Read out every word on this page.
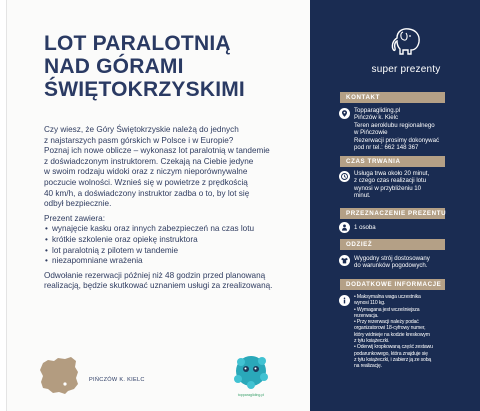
LOT PARALOTNIĄ
NAD GÓRAMI
ŚWIĘTOKRZYSKIMI

Czy wiesz, że Góry Świętokrzyskie należą do jednych
z najstarszych pasm górskich w Polsce i w Europie?
Poznaj ich nowe oblicze – wykonasz lot paralotnią w tandemie
z doświadczonym instruktorem. Czekają na Ciebie jedyne
w swoim rodzaju widoki oraz z niczym nieporównywalne
poczucie wolności. Wznieś się w powietrze z prędkością
40 km/h, a doświadczony instruktor zadba o to, by lot się
odbył bezpiecznie.

Prezent zawiera:

• wynajęcie kasku oraz innych zabezpieczeń na czas lotu
• krótkie szkolenie oraz opiekę instruktora
• lot paralotnią z pilotem w tandemie
• niezapomniane wrażenia

Odwołanie rezerwacji później niż 48 godzin przed planowaną
realizacją, będzie skutkować uznaniem usługi za zrealizowaną.

PIŃCZÓW K. KIELC
topparagliding.pl
super prezenty
KONTAKT
Topparagliding.pl
Pińczów k. Kielc
Teren aeroklubu regionalnego
w Pińczowie
Rezerwacji prosimy dokonywać
pod nr tel.: 662 148 367
CZAS TRWANIA
Usługa trwa około 20 minut,
z czego czas realizacji lotu
wynosi w przybliżeniu 10
minut.
PRZEZNACZENIE PREZENTU
1 osoba
ODZIEŻ
Wygodny strój dostosowany
do warunków pogodowych.
DODATKOWE INFORMACJE
• Maksymalna waga uczestnika
wynosi 110 kg.
• Wymagana jest wcześniejsza
rezerwacja.
• Przy rezerwacji należy podać
organizatorowi 18-cyfrowy numer,
który widnieje na kodzie kreskowym
z tyłu książeczki.
• Oderwij kropkowaną część zestawu
podarunkowego, która znajduje się
z tyłu książeczki, i zabierz ją ze sobą
na realizację.
